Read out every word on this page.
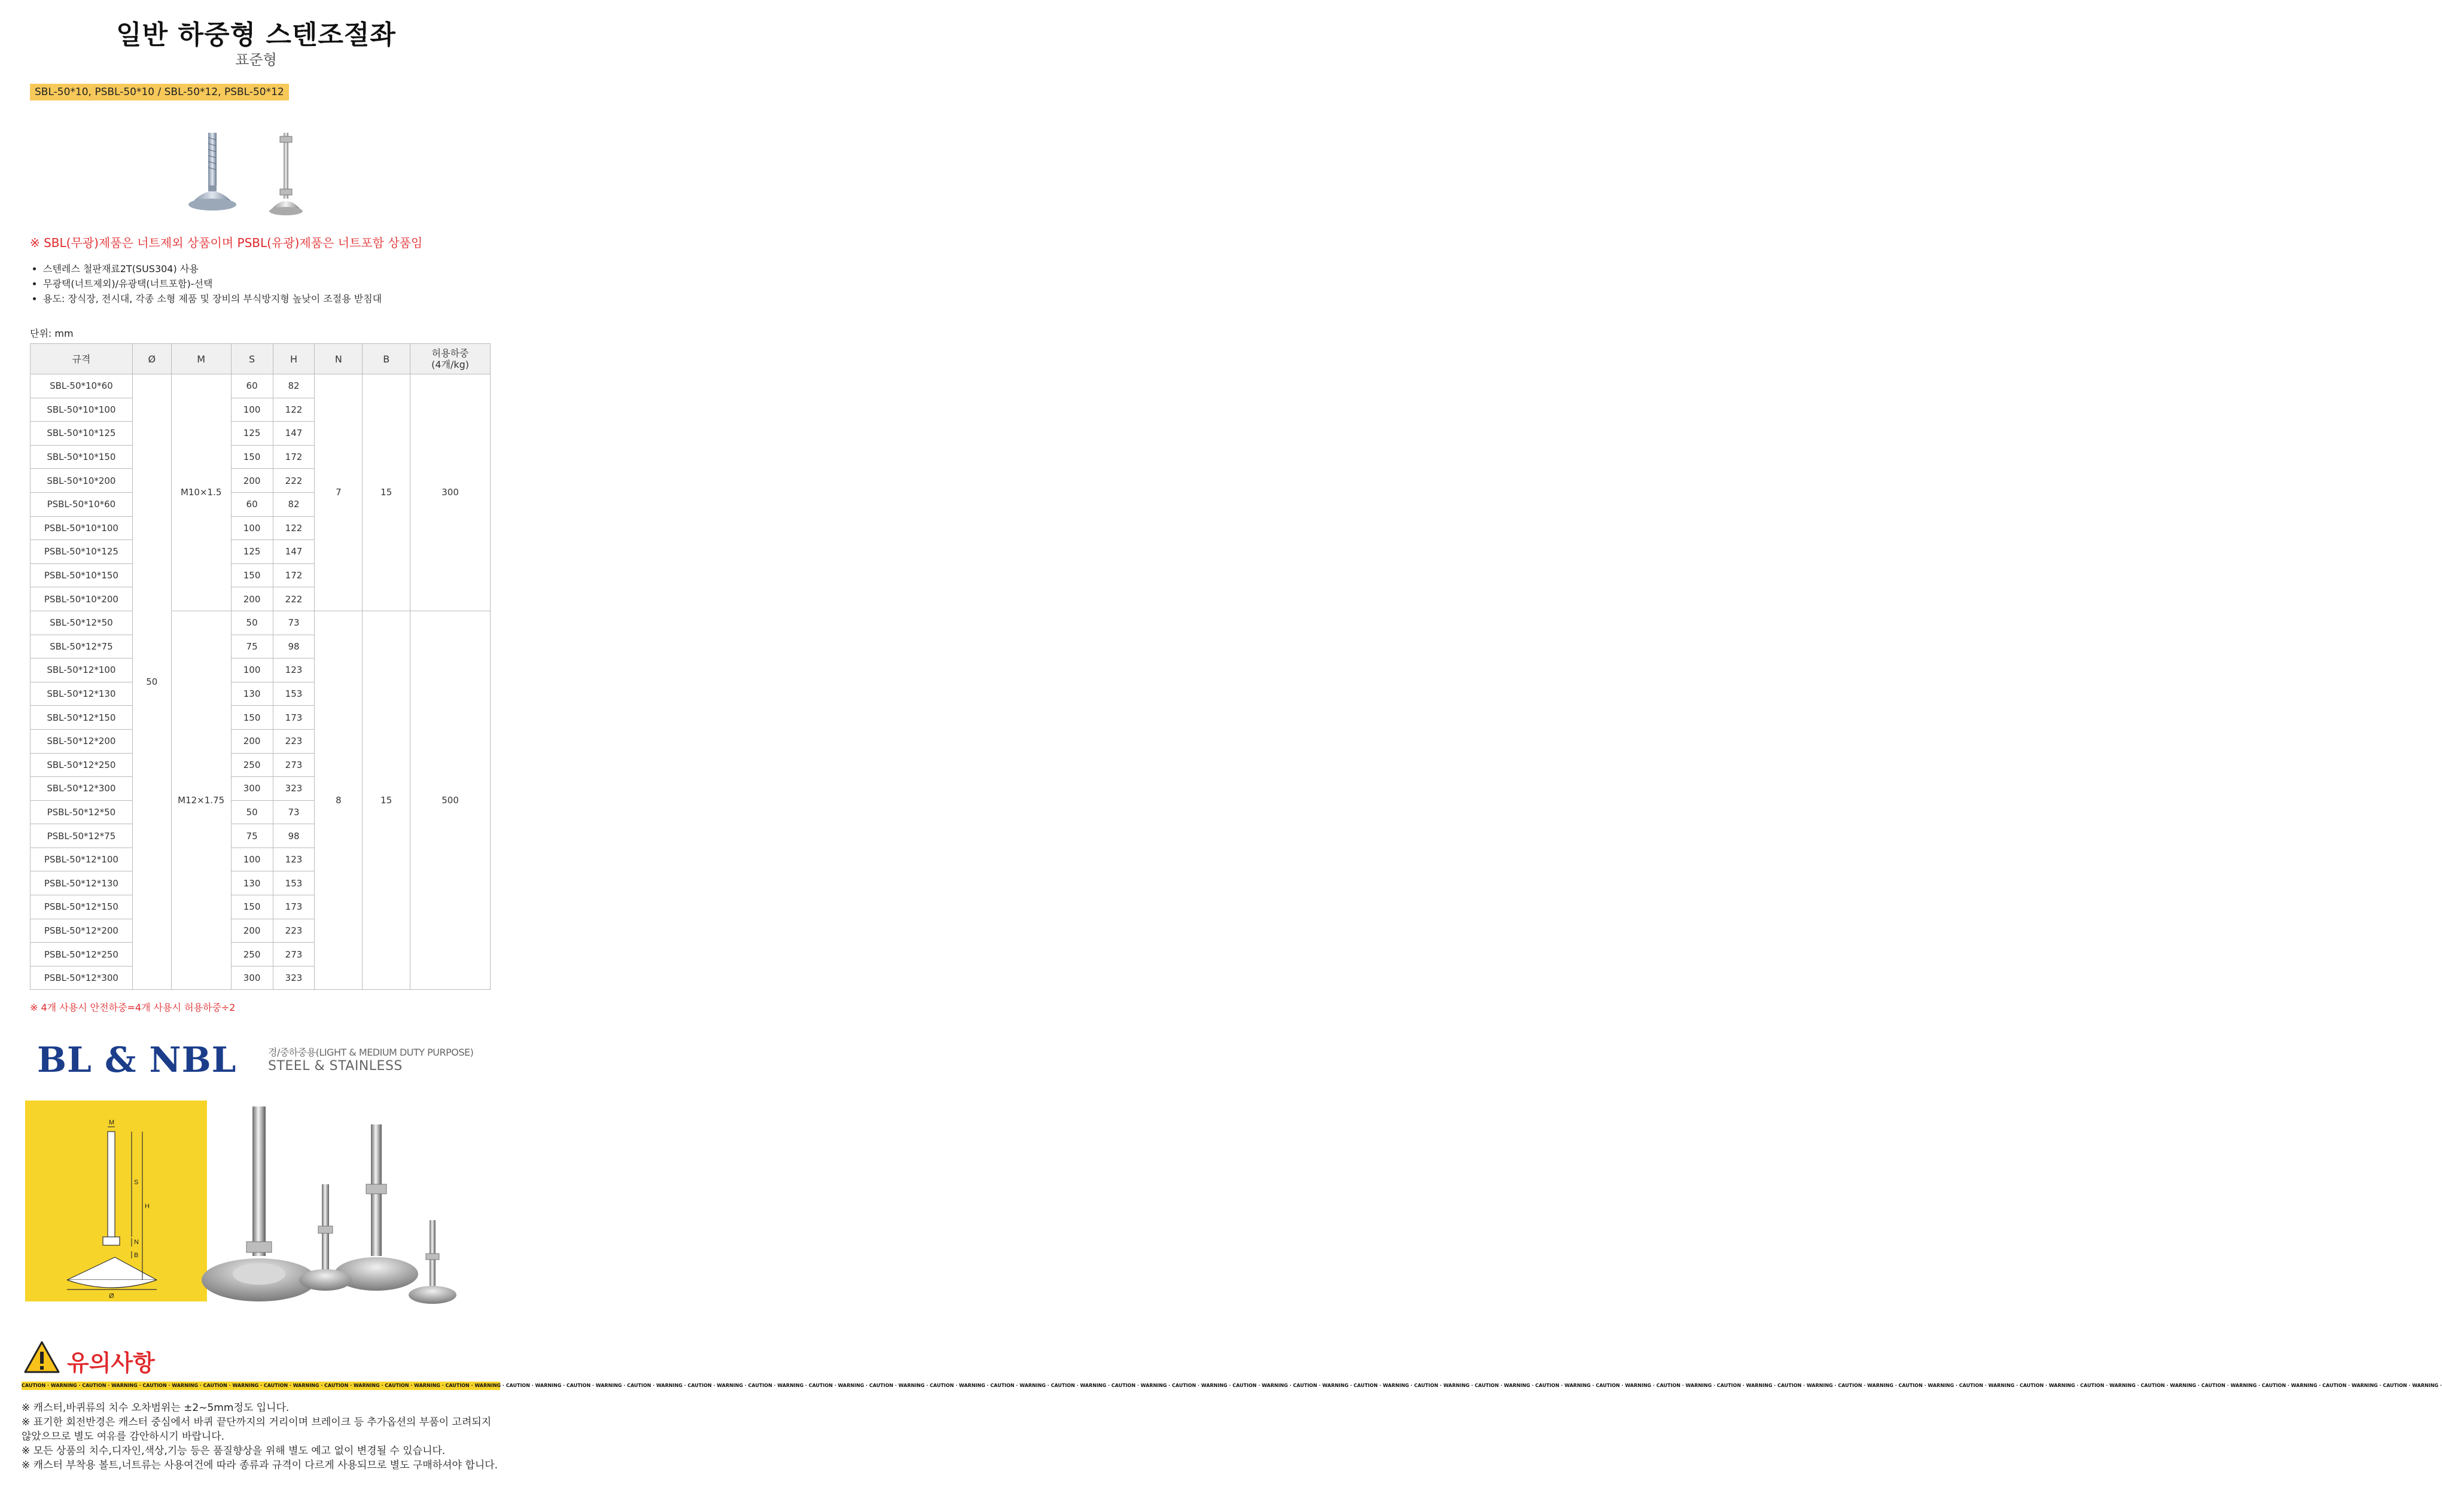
일반 하중형 스텐조절좌
표준형
SBL-50*10, PSBL-50*10 / SBL-50*12, PSBL-50*12
※ SBL(무광)제품은 너트제외 상품이며 PSBL(유광)제품은 너트포함 상품임
• 스텐레스 철판재료2T(SUS304) 사용
• 무광택(너트제외)/유광택(너트포함)-선택
• 용도: 장식장, 전시대, 각종 소형 제품 및 장비의 부식방지형 높낮이 조절용 받침대
단위: mm
규격	Ø	M	S	H	N	B	허용하중
(4개/kg)
SBL-50*10*60	50	M10×1.5	60	82	7	15	300
SBL-50*10*100			100	122			
SBL-50*10*125			125	147			
SBL-50*10*150			150	172			
SBL-50*10*200			200	222			
PSBL-50*10*60			60	82			
PSBL-50*10*100			100	122			
PSBL-50*10*125			125	147			
PSBL-50*10*150			150	172			
PSBL-50*10*200			200	222			
SBL-50*12*50		M12×1.75	50	73	8	15	500
SBL-50*12*75			75	98			
SBL-50*12*100			100	123			
SBL-50*12*130			130	153			
SBL-50*12*150			150	173			
SBL-50*12*200			200	223			
SBL-50*12*250			250	273			
SBL-50*12*300			300	323			
PSBL-50*12*50			50	73			
PSBL-50*12*75			75	98			
PSBL-50*12*100			100	123			
PSBL-50*12*130			130	153			
PSBL-50*12*150			150	173			
PSBL-50*12*200			200	223			
PSBL-50*12*250			250	273			
PSBL-50*12*300			300	323			
※ 4개 사용시 안전하중=4개 사용시 허용하중÷2
BL & NBL	경/중하중용(LIGHT & MEDIUM DUTY PURPOSE)
STEEL & STAINLESS
M
S
H
N
B
Ø
유의사항
CAUTION · WARNING · CAUTION · WARNING · CAUTION · WARNING · CAUTION · WARNING · CAUTION · WARNING · CAUTION · WARNING · CAUTION · WARNING · CAUTION · WARNING · CAUTION · WARNING · CAUTION · WARNING · CAUTION · WARNING · CAUTION · WARNING · CAUTION · WARNING · CAUTION · WARNING · CAUTION · WARNING · CAUTION · WARNING · CAUTION · WARNING · CAUTION · WARNING · CAUTION · WARNING · CAUTION · WARNING · CAUTION · WARNING · CAUTION · WARNING · CAUTION · WARNING · CAUTION · WARNING · CAUTION · WARNING · CAUTION · WARNING · CAUTION · WARNING · CAUTION · WARNING · CAUTION · WARNING · CAUTION · WARNING · CAUTION · WARNING · CAUTION · WARNING · CAUTION · WARNING · CAUTION · WARNING · CAUTION · WARNING · CAUTION · WARNING · CAUTION · WARNING · CAUTION · WARNING · CAUTION · WARNING · CAUTION · WARNING ·
※ 캐스터,바퀴류의 치수 오차범위는 ±2~5mm정도 입니다.
※ 표기한 회전반경은 캐스터 중심에서 바퀴 끝단까지의 거리이며 브레이크 등 추가옵션의 부품이 고려되지 않았으므로 별도 여유를 감안하시기 바랍니다.
※ 모든 상품의 치수,디자인,색상,기능 등은 품질향상을 위해 별도 예고 없이 변경될 수 있습니다.
※ 캐스터 부착용 볼트,너트류는 사용여건에 따라 종류과 규격이 다르게 사용되므로 별도 구매하셔야 합니다.
